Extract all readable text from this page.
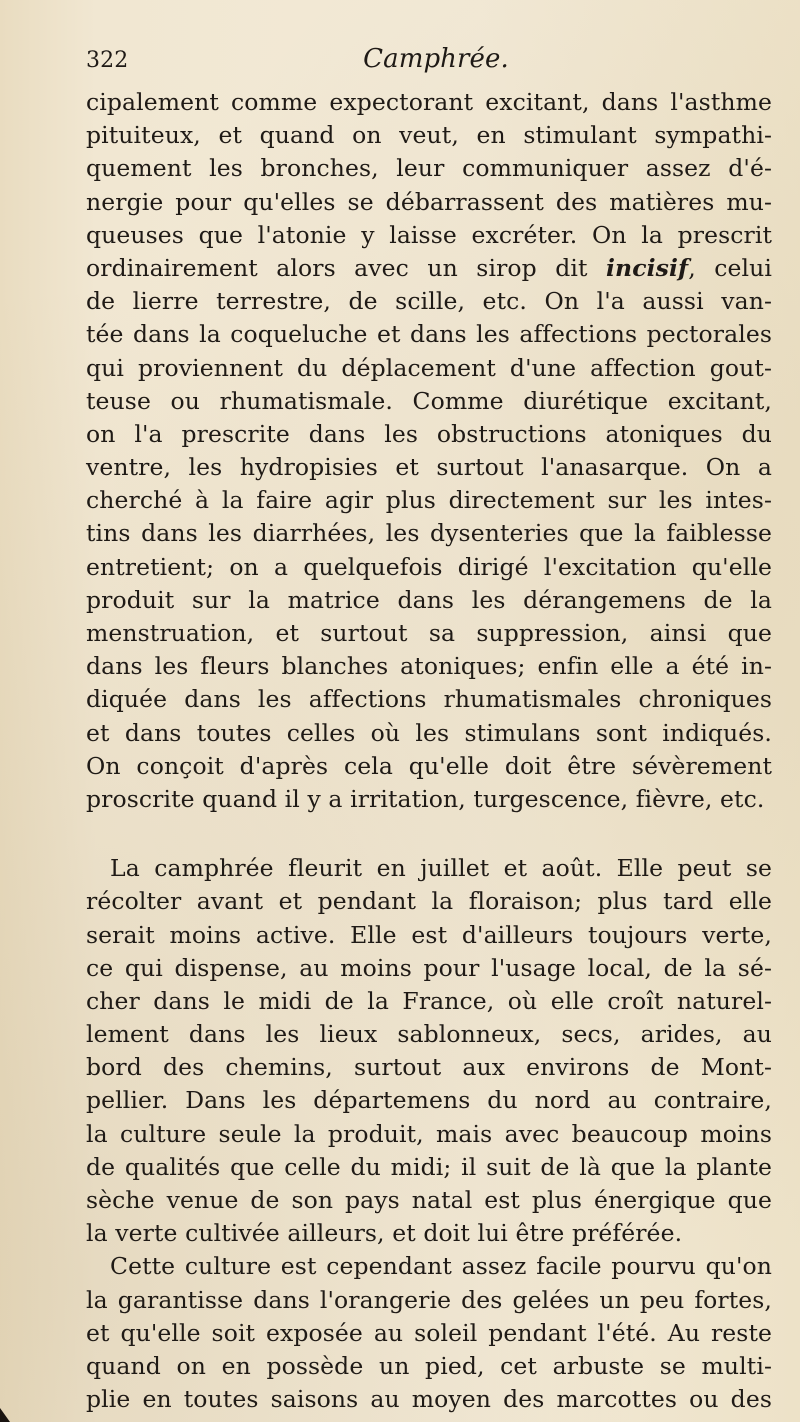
322	Camphrée.
cipalement comme expectorant excitant, dans l'asthme
pituiteux, et quand on veut, en stimulant sympathi-
quement les bronches, leur communiquer assez d'é-
nergie pour qu'elles se débarrassent des matières mu-
queuses que l'atonie y laisse excréter. On la prescrit
ordinairement alors avec un sirop dit incisif, celui
de lierre terrestre, de scille, etc. On l'a aussi van-
tée dans la coqueluche et dans les affections pectorales
qui proviennent du déplacement d'une affection gout-
teuse ou rhumatismale. Comme diurétique excitant,
on l'a prescrite dans les obstructions atoniques du
ventre, les hydropisies et surtout l'anasarque. On a
cherché à la faire agir plus directement sur les intes-
tins dans les diarrhées, les dysenteries que la faiblesse
entretient; on a quelquefois dirigé l'excitation qu'elle
produit sur la matrice dans les dérangemens de la
menstruation, et surtout sa suppression, ainsi que
dans les fleurs blanches atoniques; enfin elle a été in-
diquée dans les affections rhumatismales chroniques
et dans toutes celles où les stimulans sont indiqués.
On conçoit d'après cela qu'elle doit être sévèrement
proscrite quand il y a irritation, turgescence, fièvre, etc.
La camphrée fleurit en juillet et août. Elle peut se
récolter avant et pendant la floraison; plus tard elle
serait moins active. Elle est d'ailleurs toujours verte,
ce qui dispense, au moins pour l'usage local, de la sé-
cher dans le midi de la France, où elle croît naturel-
lement dans les lieux sablonneux, secs, arides, au
bord des chemins, surtout aux environs de Mont-
pellier. Dans les départemens du nord au contraire,
la culture seule la produit, mais avec beaucoup moins
de qualités que celle du midi; il suit de là que la plante
sèche venue de son pays natal est plus énergique que
la verte cultivée ailleurs, et doit lui être préférée.
Cette culture est cependant assez facile pourvu qu'on
la garantisse dans l'orangerie des gelées un peu fortes,
et qu'elle soit exposée au soleil pendant l'été. Au reste
quand on en possède un pied, cet arbuste se multi-
plie en toutes saisons au moyen des marcottes ou des
